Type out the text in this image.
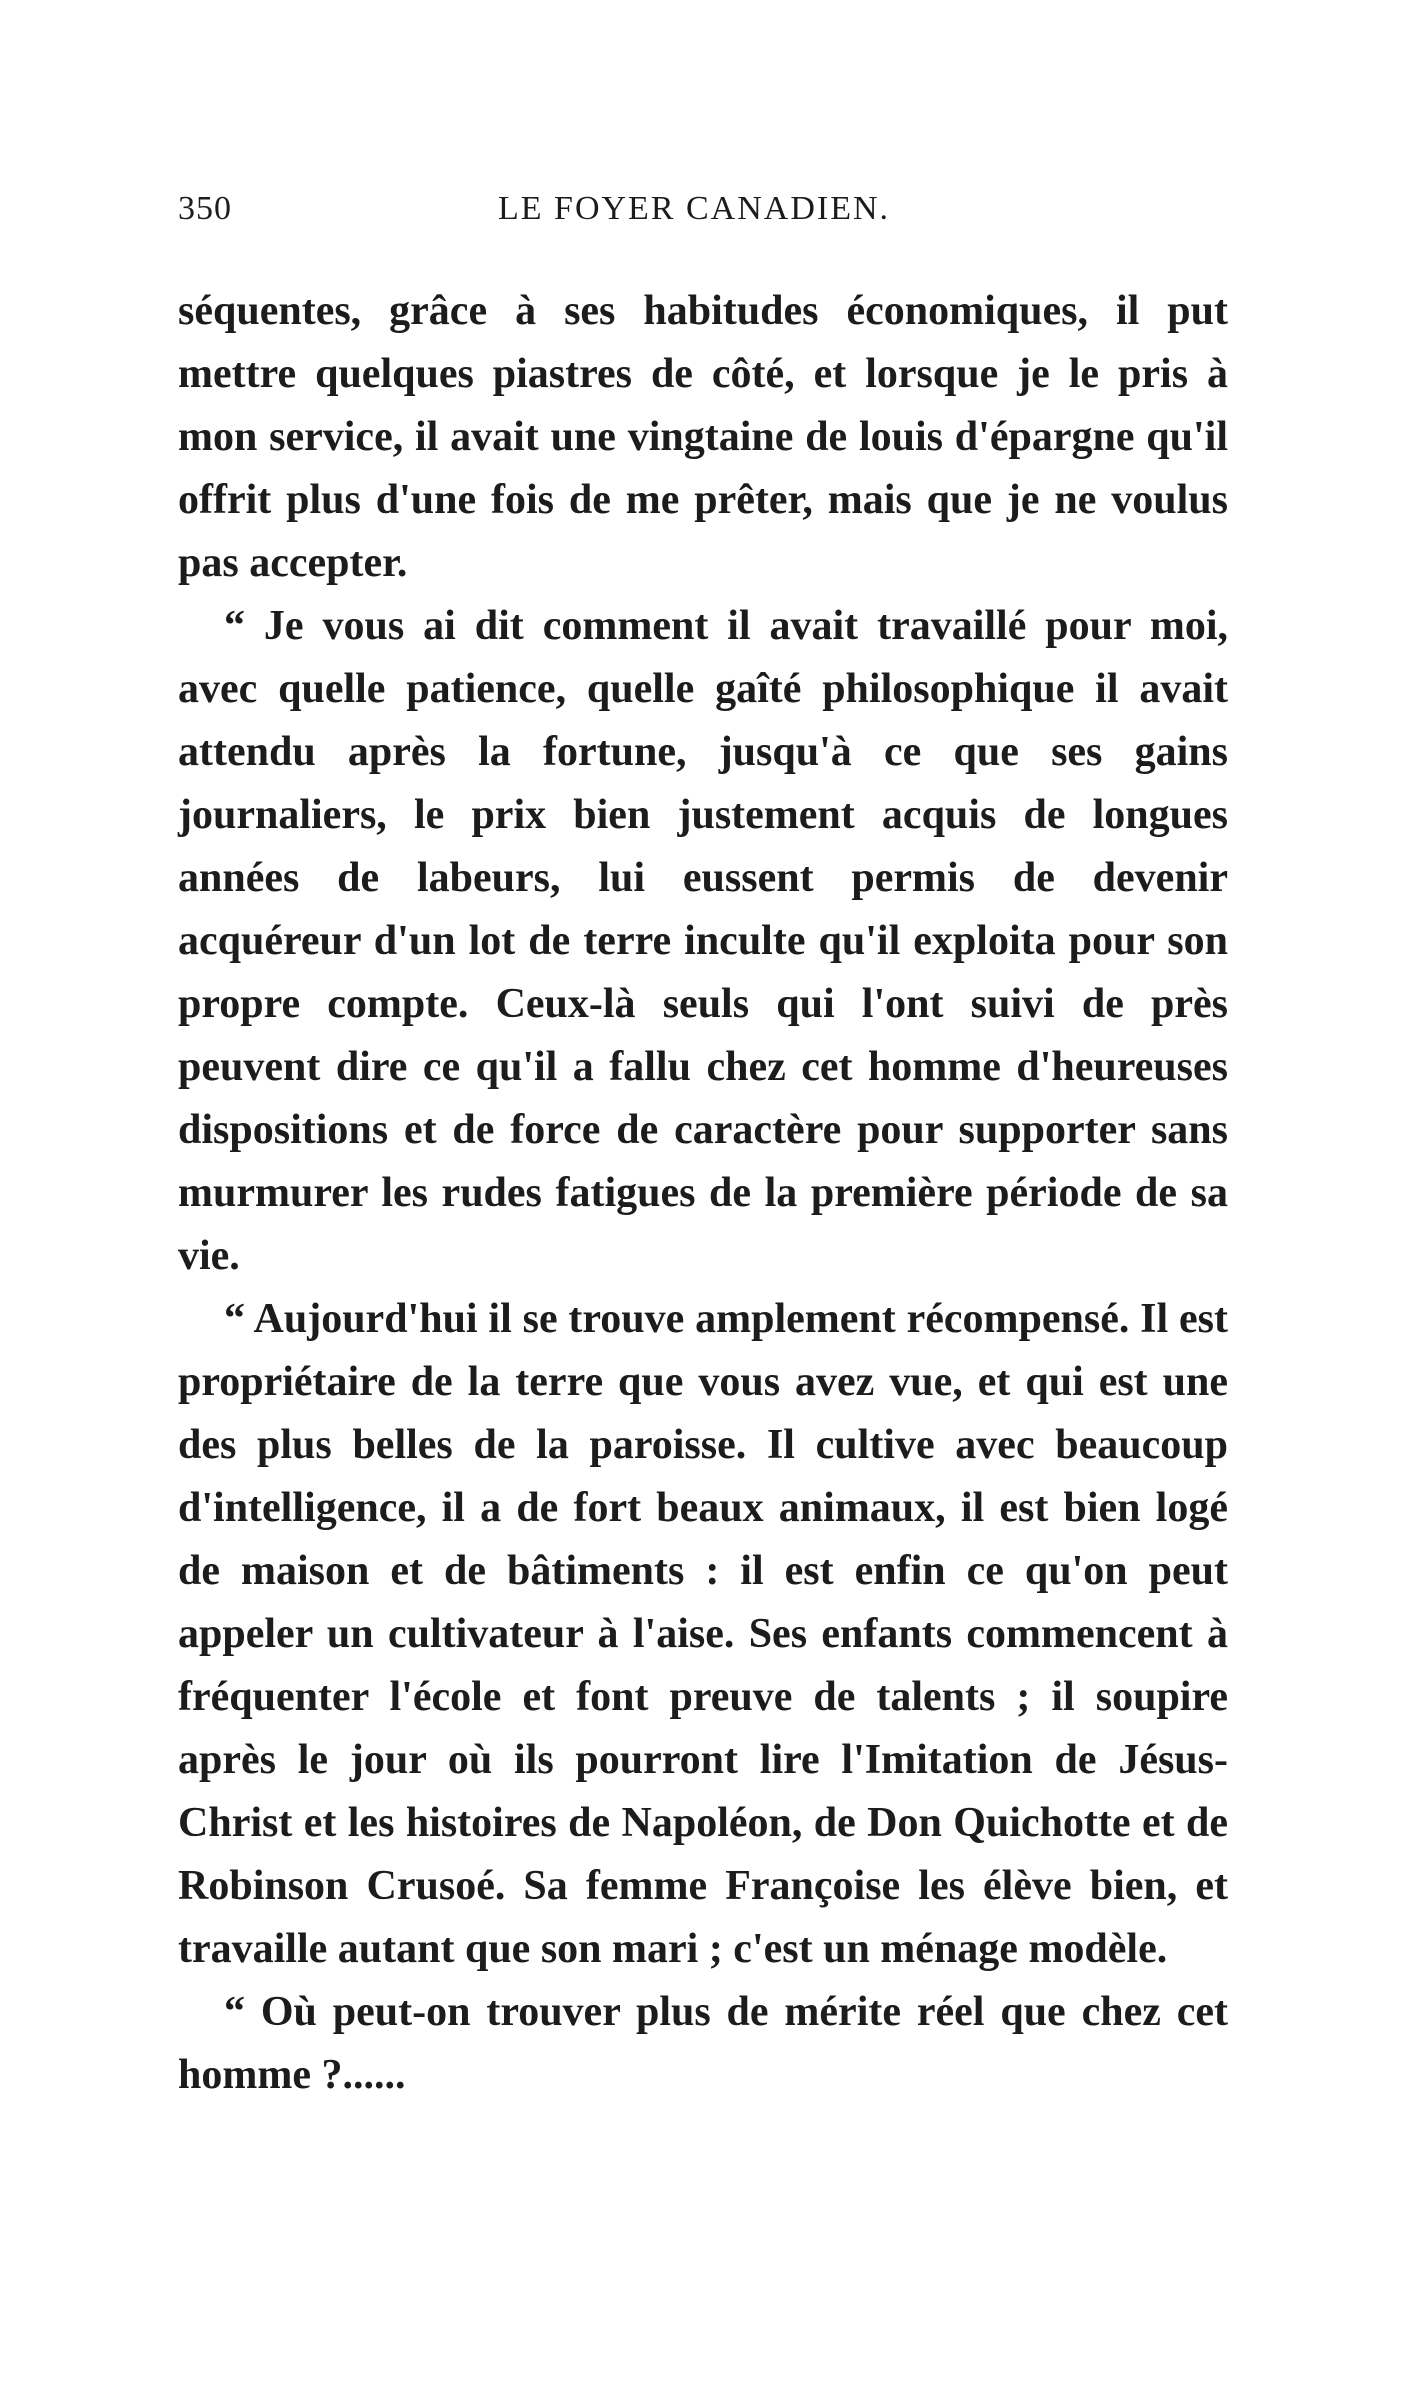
350	LE FOYER CANADIEN.

séquentes, grâce à ses habitudes économiques, il put mettre quelques piastres de côté, et lorsque je le pris à mon service, il avait une vingtaine de louis d'épargne qu'il offrit plus d'une fois de me prêter, mais que je ne voulus pas accepter.

“ Je vous ai dit comment il avait travaillé pour moi, avec quelle patience, quelle gaîté philosophique il avait attendu après la fortune, jusqu'à ce que ses gains journaliers, le prix bien justement acquis de longues années de labeurs, lui eussent permis de devenir acquéreur d'un lot de terre inculte qu'il exploita pour son propre compte. Ceux-là seuls qui l'ont suivi de près peuvent dire ce qu'il a fallu chez cet homme d'heureuses dispositions et de force de caractère pour supporter sans murmurer les rudes fatigues de la première période de sa vie.

“ Aujourd'hui il se trouve amplement récompensé. Il est propriétaire de la terre que vous avez vue, et qui est une des plus belles de la paroisse. Il cultive avec beaucoup d'intelligence, il a de fort beaux animaux, il est bien logé de maison et de bâtiments : il est enfin ce qu'on peut appeler un cultivateur à l'aise. Ses enfants commencent à fréquenter l'école et font preuve de talents ; il soupire après le jour où ils pourront lire l'Imitation de Jésus-Christ et les histoires de Napoléon, de Don Quichotte et de Robinson Crusoé. Sa femme Françoise les élève bien, et travaille autant que son mari ; c'est un ménage modèle.

“ Où peut-on trouver plus de mérite réel que chez cet homme ?......
